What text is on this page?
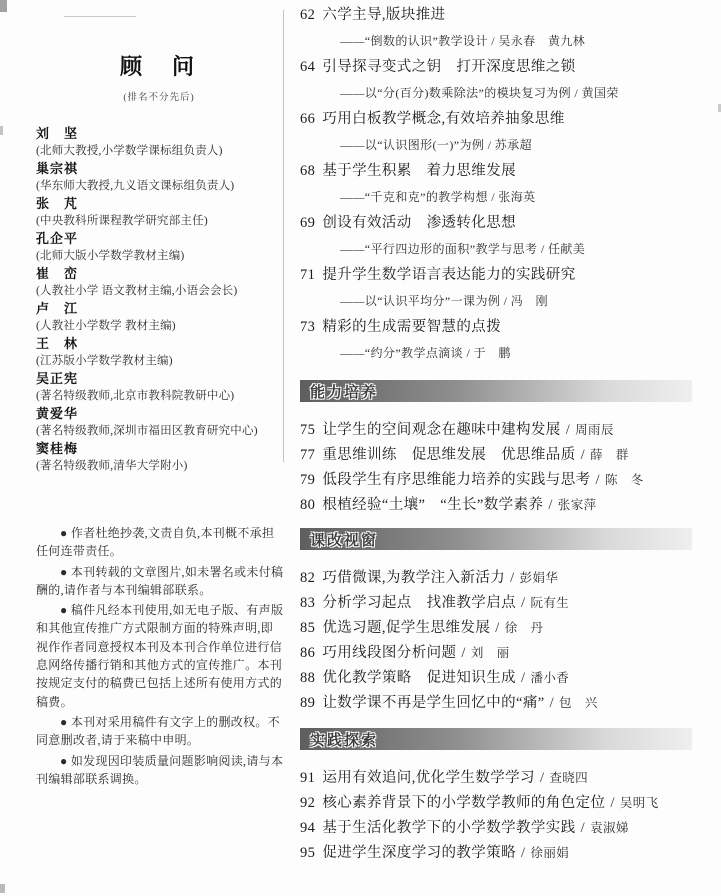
顾　问
(排名不分先后)
刘　坚
(北师大教授,小学数学课标组负责人)
巢宗祺
(华东师大教授,九义语文课标组负责人)
张　芃
(中央教科所课程教学研究部主任)
孔企平
(北师大版小学数学教材主编)
崔　峦
(人教社小学 语文教材主编,小语会会长)
卢　江
(人教社小学数学 教材主编)
王　林
(江苏版小学数学教材主编)
吴正宪
(著名特级教师,北京市教科院教研中心)
黄爱华
(著名特级教师,深圳市福田区教育研究中心)
窦桂梅
(著名特级教师,清华大学附小)

● 作者杜绝抄袭,文责自负,本刊概不承担任何连带责任。

● 本刊转载的文章图片,如未署名或未付稿酬的,请作者与本刊编辑部联系。

● 稿件凡经本刊使用,如无电子版、有声版和其他宣传推广方式限制方面的特殊声明,即视作作者同意授权本刊及本刊合作单位进行信息网络传播行销和其他方式的宣传推广。本刊按规定支付的稿费已包括上述所有使用方式的稿费。

● 本刊对采用稿件有文字上的删改权。不同意删改者,请于来稿中申明。

● 如发现因印装质量问题影响阅读,请与本刊编辑部联系调换。

62 六学主导,版块推进
——“倒数的认识”教学设计 / 吴永春　黄九林
64 引导探寻变式之钥　打开深度思维之锁
——以“分(百分)数乘除法”的模块复习为例 / 黄国荣
66 巧用白板教学概念,有效培养抽象思维
——以“认识图形(一)”为例 / 苏承超
68 基于学生积累　着力思维发展
——“千克和克”的教学构想 / 张海英
69 创设有效活动　渗透转化思想
——“平行四边形的面积”教学与思考 / 任献美
71 提升学生数学语言表达能力的实践研究
——以“认识平均分”一课为例 / 冯　刚
73 精彩的生成需要智慧的点拨
——“约分”教学点滴谈 / 于　鹏
能力培养
75 让学生的空间观念在趣味中建构发展 / 周雨辰
77 重思维训练　促思维发展　优思维品质 / 薛　群
79 低段学生有序思维能力培养的实践与思考 / 陈　冬
80 根植经验“土壤”　“生长”数学素养 / 张家萍
课改视窗
82 巧借微课,为教学注入新活力 / 彭娟华
83 分析学习起点　找准教学启点 / 阮有生
85 优选习题,促学生思维发展 / 徐　丹
86 巧用线段图分析问题 / 刘　丽
88 优化教学策略　促进知识生成 / 潘小香
89 让数学课不再是学生回忆中的“痛” / 包　兴
实践探索
91 运用有效追问,优化学生数学学习 / 查晓四
92 核心素养背景下的小学数学教师的角色定位 / 吴明飞
94 基于生活化教学下的小学数学教学实践 / 袁淑娣
95 促进学生深度学习的教学策略 / 徐丽娟
